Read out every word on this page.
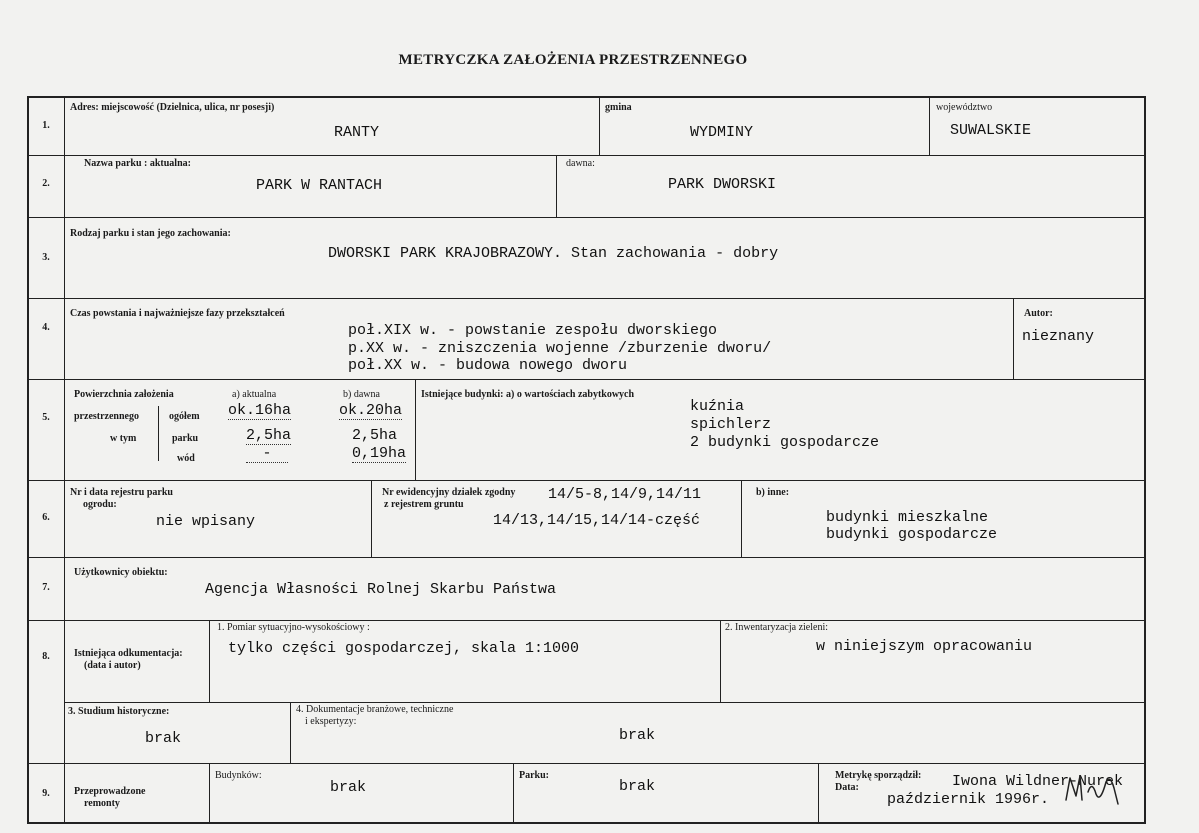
METRYCZKA ZAŁOŻENIA PRZESTRZENNEGO
1.
2.
3.
4.
5.
6.
7.
8.
9.
Adres: miejscowość (Dzielnica, ulica, nr posesji)
RANTY
gmina
WYDMINY
województwo
SUWALSKIE
Nazwa parku : aktualna:
PARK W RANTACH
dawna:
PARK DWORSKI
Rodzaj parku i stan jego zachowania:
DWORSKI PARK KRAJOBRAZOWY. Stan zachowania - dobry
Czas powstania i najważniejsze fazy przekształceń
poł.XIX w. - powstanie zespołu dworskiego
p.XX w. - zniszczenia wojenne /zburzenie dworu/
poł.XX w. - budowa nowego dworu
Autor:
nieznany
Powierzchnia założenia
przestrzennego
w tym
ogółem
parku
wód
a) aktualna	b) dawna
ok.16ha
2,5ha
-
ok.20ha
2,5ha
0,19ha
Istniejące budynki: a) o wartościach zabytkowych
kuźnia
spichlerz
2 budynki gospodarcze
Nr i data rejestru parku
ogrodu:
nie wpisany
Nr ewidencyjny działek zgodny
z rejestrem gruntu
14/5-8,14/9,14/11
14/13,14/15,14/14-część
b) inne:
budynki mieszkalne
budynki gospodarcze
Użytkownicy obiektu:
Agencja Własności Rolnej Skarbu Państwa
Istniejąca odkumentacja:
(data i autor)
1. Pomiar sytuacyjno-wysokościowy :
tylko części gospodarczej, skala 1:1000
2. Inwentaryzacja zieleni:
w niniejszym opracowaniu
3. Studium historyczne:
brak
4. Dokumentacje branżowe, techniczne
i ekspertyzy:
brak
Przeprowadzone
remonty
Budynków:
brak
Parku:
brak
Metrykę sporządził:
Data:	Iwona Wildner-Nurek
październik 1996r.
